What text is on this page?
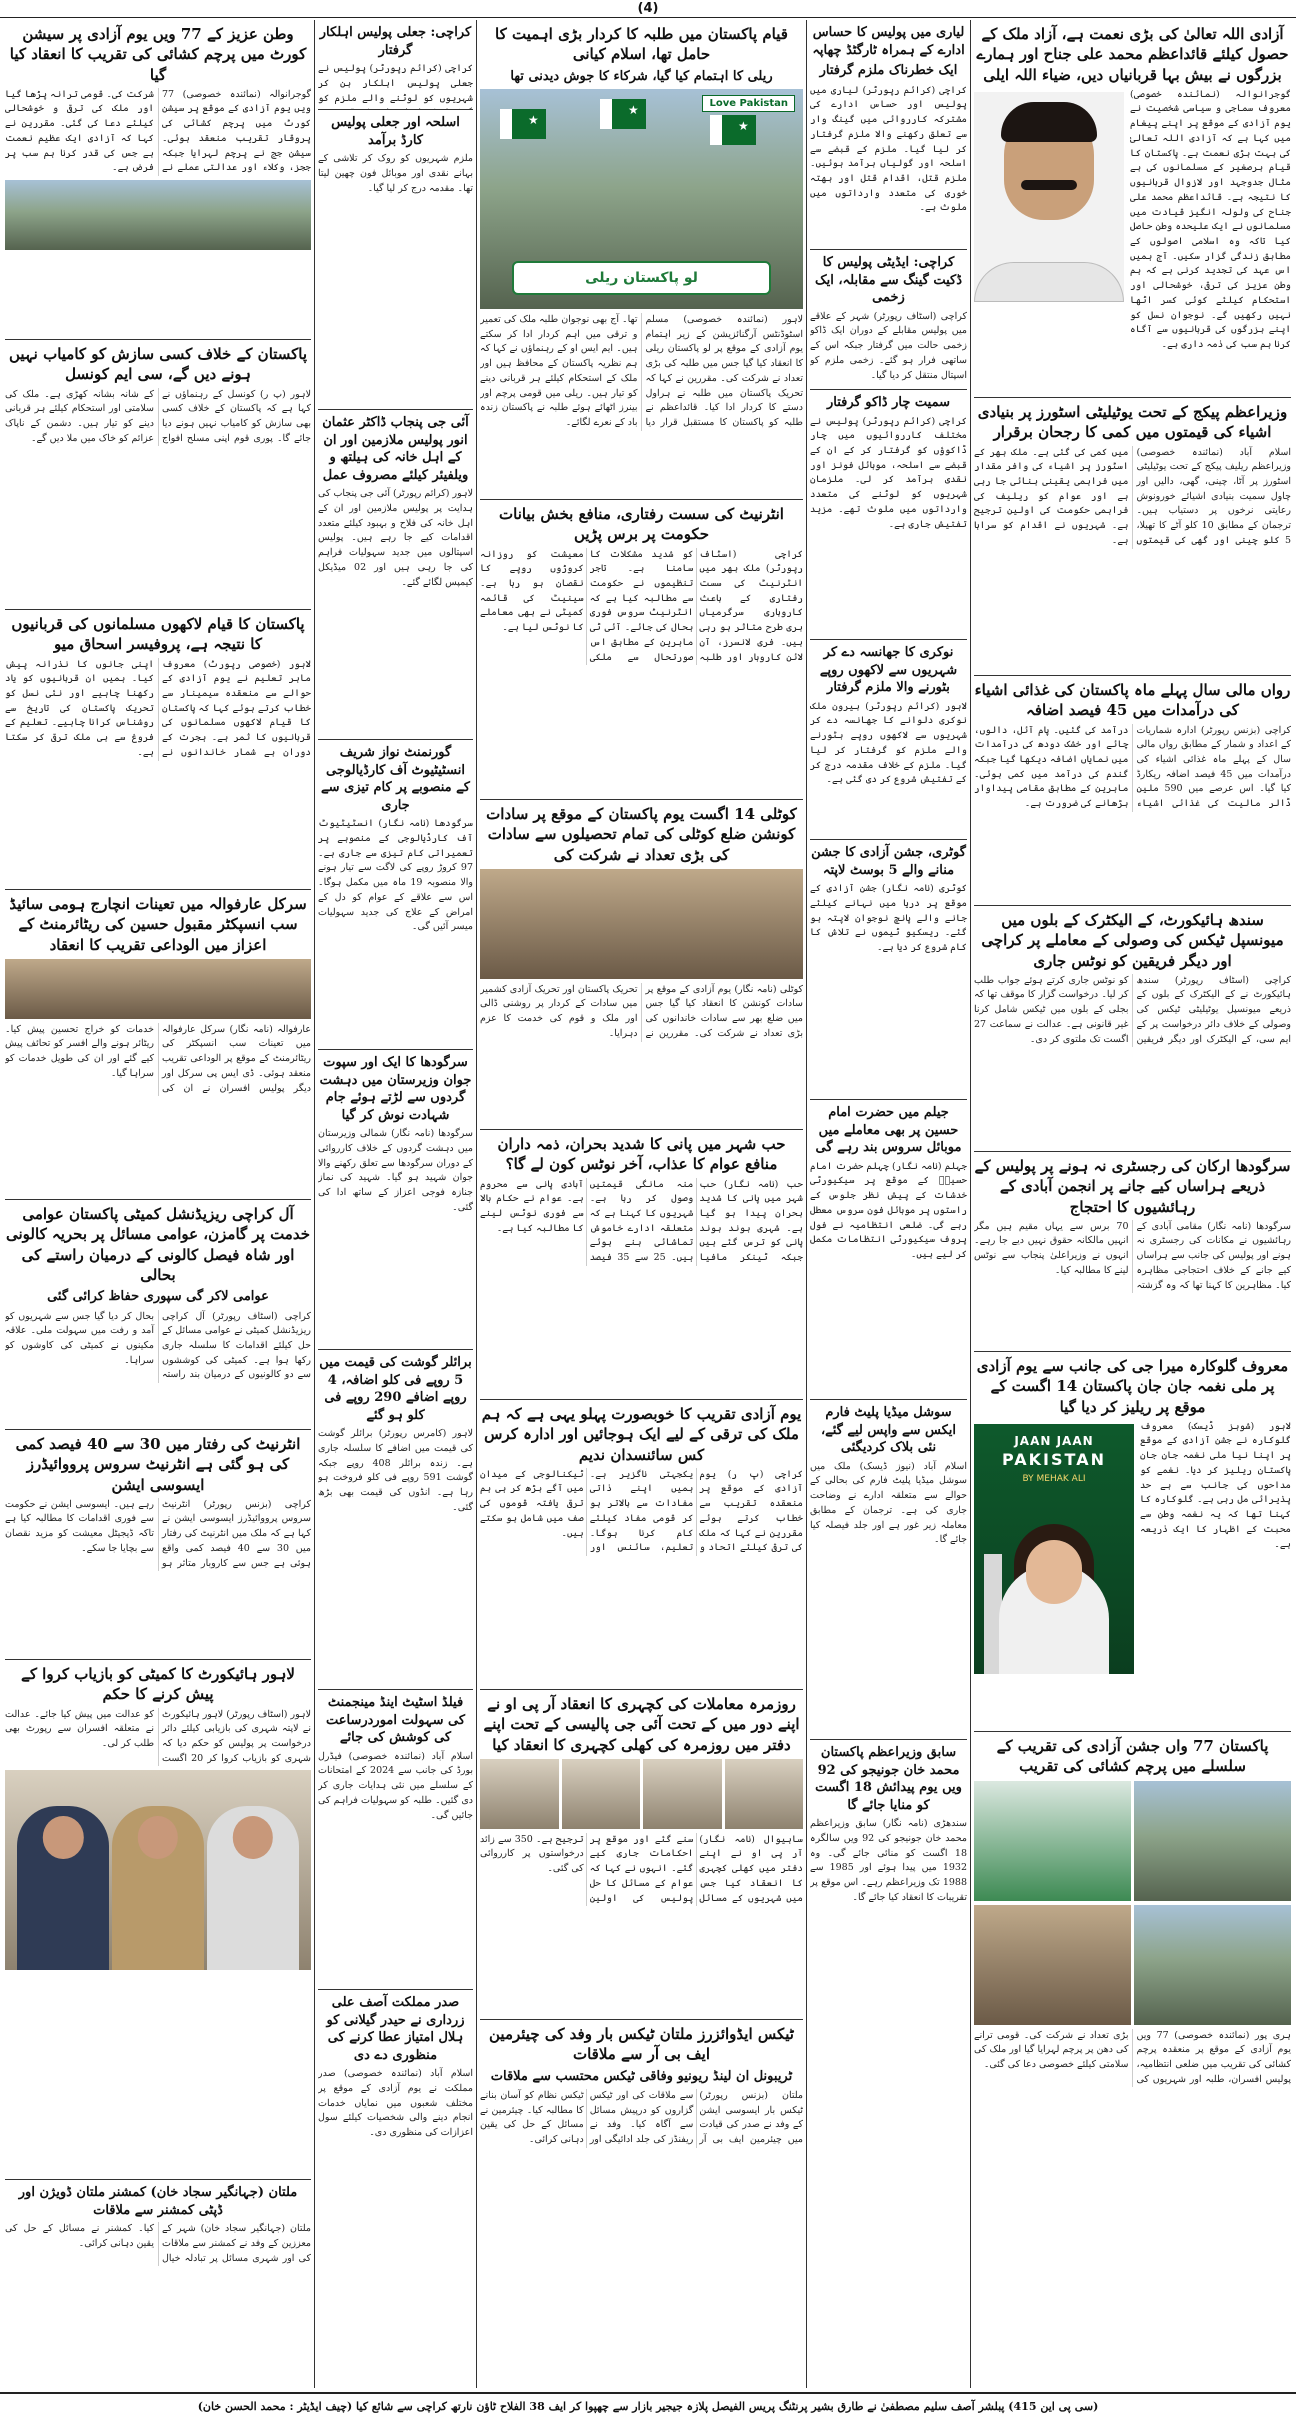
(4)
آزادی اللہ تعالیٰ کی بڑی نعمت ہے، آزاد ملک کے حصول کیلئے قائداعظم محمد علی جناح اور ہمارے بزرگوں نے بیش بہا قربانیاں دیں، ضیاء اللہ ایلی
گوجرانوالہ (نمائندہ خصوصی) معروف سماجی و سیاسی شخصیت نے یوم آزادی کے موقع پر اپنے پیغام میں کہا ہے کہ آزادی اللہ تعالیٰ کی بہت بڑی نعمت ہے۔ پاکستان کا قیام برصغیر کے مسلمانوں کی بے مثال جدوجہد اور لازوال قربانیوں کا نتیجہ ہے۔ قائداعظم محمد علی جناح کی ولولہ انگیز قیادت میں مسلمانوں نے ایک علیحدہ وطن حاصل کیا تاکہ وہ اسلامی اصولوں کے مطابق زندگی گزار سکیں۔ آج ہمیں اس عہد کی تجدید کرنی ہے کہ ہم وطن عزیز کی ترقی، خوشحالی اور استحکام کیلئے کوئی کسر اٹھا نہیں رکھیں گے۔ نوجوان نسل کو اپنے بزرگوں کی قربانیوں سے آگاہ کرنا ہم سب کی ذمہ داری ہے۔
وزیراعظم پیکج کے تحت یوٹیلیٹی اسٹورز پر بنیادی اشیاء کی قیمتوں میں کمی کا رجحان برقرار
اسلام آباد (نمائندہ خصوصی) وزیراعظم ریلیف پیکج کے تحت یوٹیلیٹی اسٹورز پر آٹا، چینی، گھی، دالیں اور چاول سمیت بنیادی اشیائے خورونوش رعایتی نرخوں پر دستیاب ہیں۔ ترجمان کے مطابق 10 کلو آٹے کا تھیلا، 5 کلو چینی اور گھی کی قیمتوں میں کمی کی گئی ہے۔ ملک بھر کے اسٹورز پر اشیاء کی وافر مقدار میں فراہمی یقینی بنائی جا رہی ہے اور عوام کو ریلیف کی فراہمی حکومت کی اولین ترجیح ہے۔ شہریوں نے اقدام کو سراہا ہے۔
رواں مالی سال پہلے ماہ پاکستان کی غذائی اشیاء کی درآمدات میں 45 فیصد اضافہ
کراچی (بزنس رپورٹر) ادارہ شماریات کے اعداد و شمار کے مطابق رواں مالی سال کے پہلے ماہ غذائی اشیاء کی درآمدات میں 45 فیصد اضافہ ریکارڈ کیا گیا۔ اس عرصے میں 590 ملین ڈالر مالیت کی غذائی اشیاء درآمد کی گئیں۔ پام آئل، دالوں، چائے اور خشک دودھ کی درآمدات میں نمایاں اضافہ دیکھا گیا جبکہ گندم کی درآمد میں کمی ہوئی۔ ماہرین کے مطابق مقامی پیداوار بڑھانے کی ضرورت ہے۔
سندھ ہائیکورٹ، کے الیکٹرک کے بلوں میں میونسپل ٹیکس کی وصولی کے معاملے پر کراچی اور دیگر فریقین کو نوٹس جاری
کراچی (اسٹاف رپورٹر) سندھ ہائیکورٹ نے کے الیکٹرک کے بلوں کے ذریعے میونسپل یوٹیلیٹی ٹیکس کی وصولی کے خلاف دائر درخواست پر کے ایم سی، کے الیکٹرک اور دیگر فریقین کو نوٹس جاری کرتے ہوئے جواب طلب کر لیا۔ درخواست گزار کا موقف تھا کہ بجلی کے بلوں میں ٹیکس شامل کرنا غیر قانونی ہے۔ عدالت نے سماعت 27 اگست تک ملتوی کر دی۔
سرگودھا ارکان کی رجسٹری نہ ہونے پر پولیس کے ذریعے ہراساں کیے جانے پر انجمن آبادی کے رہائشیوں کا احتجاج
سرگودھا (نامہ نگار) مقامی آبادی کے رہائشیوں نے مکانات کی رجسٹری نہ ہونے اور پولیس کی جانب سے ہراساں کیے جانے کے خلاف احتجاجی مظاہرہ کیا۔ مظاہرین کا کہنا تھا کہ وہ گزشتہ 70 برس سے یہاں مقیم ہیں مگر انہیں مالکانہ حقوق نہیں دیے جا رہے۔ انہوں نے وزیراعلیٰ پنجاب سے نوٹس لینے کا مطالبہ کیا۔
معروف گلوکارہ میرا جی کی جانب سے یوم آزادی پر ملی نغمہ جان جان پاکستان 14 اگست کے موقع پر ریلیز کر دیا گیا
لاہور (شوبز ڈیسک) معروف گلوکارہ نے جشن آزادی کے موقع پر اپنا نیا ملی نغمہ جان جان پاکستان ریلیز کر دیا۔ نغمے کو مداحوں کی جانب سے بے حد پذیرائی مل رہی ہے۔ گلوکارہ کا کہنا تھا کہ یہ نغمہ وطن سے محبت کے اظہار کا ایک ذریعہ ہے۔
JAAN JAAN
PAKISTAN
BY MEHAK ALI
پاکستان 77 واں جشن آزادی کی تقریب کے سلسلے میں پرچم کشائی کی تقریب
ہری پور (نمائندہ خصوصی) 77 ویں یوم آزادی کے موقع پر منعقدہ پرچم کشائی کی تقریب میں ضلعی انتظامیہ، پولیس افسران، طلبہ اور شہریوں کی بڑی تعداد نے شرکت کی۔ قومی ترانے کی دھن پر پرچم لہرایا گیا اور ملک کی سلامتی کیلئے خصوصی دعا کی گئی۔
لیاری میں پولیس کا حساس ادارے کے ہمراہ ٹارگٹڈ چھاپہ
ایک خطرناک ملزم گرفتار
کراچی (کرائم رپورٹر) لیاری میں پولیس اور حساس ادارے کی مشترکہ کارروائی میں گینگ وار سے تعلق رکھنے والا ملزم گرفتار کر لیا گیا۔ ملزم کے قبضے سے اسلحہ اور گولیاں برآمد ہوئیں۔ ملزم قتل، اقدام قتل اور بھتہ خوری کی متعدد وارداتوں میں ملوث ہے۔
کراچی: ایڈیٹی پولیس کا ڈکیت گینگ سے مقابلہ، ایک زخمی
کراچی (اسٹاف رپورٹر) شہر کے علاقے میں پولیس مقابلے کے دوران ایک ڈاکو زخمی حالت میں گرفتار جبکہ اس کے ساتھی فرار ہو گئے۔ زخمی ملزم کو اسپتال منتقل کر دیا گیا۔
سمیت چار ڈاکو گرفتار
کراچی (کرائم رپورٹر) پولیس نے مختلف کارروائیوں میں چار ڈاکوؤں کو گرفتار کر کے ان کے قبضے سے اسلحہ، موبائل فونز اور نقدی برآمد کر لی۔ ملزمان شہریوں کو لوٹنے کی متعدد وارداتوں میں ملوث تھے۔ مزید تفتیش جاری ہے۔
نوکری کا جھانسہ دے کر شہریوں سے لاکھوں روپے بٹورنے والا ملزم گرفتار
لاہور (کرائم رپورٹر) بیرون ملک نوکری دلوانے کا جھانسہ دے کر شہریوں سے لاکھوں روپے بٹورنے والے ملزم کو گرفتار کر لیا گیا۔ ملزم کے خلاف مقدمہ درج کر کے تفتیش شروع کر دی گئی ہے۔
گوٹری، جشن آزادی کا جشن منانے والے 5 بوسٹ لاپتہ
کوٹری (نامہ نگار) جشن آزادی کے موقع پر دریا میں نہانے کیلئے جانے والے پانچ نوجوان لاپتہ ہو گئے۔ ریسکیو ٹیموں نے تلاش کا کام شروع کر دیا ہے۔
جیلم میں حضرت امام حسین پر بھی معاملے میں موبائل سروس بند رہے گی
جہلم (نامہ نگار) چہلم حضرت امام حسینؓ کے موقع پر سیکیورٹی خدشات کے پیش نظر جلوس کے راستوں پر موبائل فون سروس معطل رہے گی۔ ضلعی انتظامیہ نے فول پروف سیکیورٹی انتظامات مکمل کر لیے ہیں۔
سوشل میڈیا پلیٹ فارم ایکس سے واپس لیے گئے، نئی بلاک کردیگئی
اسلام آباد (نیوز ڈیسک) ملک میں سوشل میڈیا پلیٹ فارم کی بحالی کے حوالے سے متعلقہ ادارے نے وضاحت جاری کی ہے۔ ترجمان کے مطابق معاملہ زیر غور ہے اور جلد فیصلہ کیا جائے گا۔
سابق وزیراعظم پاکستان محمد خان جونیجو کی 92 ویں یوم پیدائش 18 اگست کو منایا جائے گا
سندھڑی (نامہ نگار) سابق وزیراعظم محمد خان جونیجو کی 92 ویں سالگرہ 18 اگست کو منائی جائے گی۔ وہ 1932 میں پیدا ہوئے اور 1985 سے 1988 تک وزیراعظم رہے۔ اس موقع پر تقریبات کا انعقاد کیا جائے گا۔
قیام پاکستان میں طلبہ کا کردار بڑی اہمیت کا حامل تھا، اسلام کیانی
ریلی کا اہتمام کیا گیا، شرکاء کا جوش دیدنی تھا
★
★
★
Love Pakistan
لو پاکستان ریلی
لاہور (نمائندہ خصوصی) مسلم اسٹوڈنٹس آرگنائزیشن کے زیر اہتمام یوم آزادی کے موقع پر لو پاکستان ریلی کا انعقاد کیا گیا جس میں طلبہ کی بڑی تعداد نے شرکت کی۔ مقررین نے کہا کہ تحریک پاکستان میں طلبہ نے ہراول دستے کا کردار ادا کیا۔ قائداعظم نے طلبہ کو پاکستان کا مستقبل قرار دیا تھا۔ آج بھی نوجوان طلبہ ملک کی تعمیر و ترقی میں اہم کردار ادا کر سکتے ہیں۔ ایم ایس او کے رہنماؤں نے کہا کہ ہم نظریہ پاکستان کے محافظ ہیں اور ملک کے استحکام کیلئے ہر قربانی دینے کو تیار ہیں۔ ریلی میں قومی پرچم اور بینرز اٹھائے ہوئے طلبہ نے پاکستان زندہ باد کے نعرے لگائے۔
انٹرنیٹ کی سست رفتاری، منافع بخش بیانات حکومت پر برس پڑیں
کراچی (اسٹاف رپورٹر) ملک بھر میں انٹرنیٹ کی سست رفتاری کے باعث کاروباری سرگرمیاں بری طرح متاثر ہو رہی ہیں۔ فری لانسرز، آن لائن کاروبار اور طلبہ کو شدید مشکلات کا سامنا ہے۔ تاجر تنظیموں نے حکومت سے مطالبہ کیا ہے کہ انٹرنیٹ سروس فوری بحال کی جائے۔ آئی ٹی ماہرین کے مطابق اس صورتحال سے ملکی معیشت کو روزانہ کروڑوں روپے کا نقصان ہو رہا ہے۔ سینیٹ کی قائمہ کمیٹی نے بھی معاملے کا نوٹس لیا ہے۔
کوٹلی 14 اگست یوم پاکستان کے موقع پر سادات کونشن ضلع کوٹلی کی تمام تحصیلوں سے سادات کی بڑی تعداد نے شرکت کی
کوٹلی (نامہ نگار) یوم آزادی کے موقع پر سادات کونشن کا انعقاد کیا گیا جس میں ضلع بھر سے سادات خاندانوں کی بڑی تعداد نے شرکت کی۔ مقررین نے تحریک پاکستان اور تحریک آزادی کشمیر میں سادات کے کردار پر روشنی ڈالی اور ملک و قوم کی خدمت کا عزم دہرایا۔
حب شہر میں پانی کا شدید بحران، ذمہ داران منافع عوام کا عذاب، آخر نوٹس کون لے گا؟
حب (نامہ نگار) حب شہر میں پانی کا شدید بحران پیدا ہو گیا ہے۔ شہری بوند بوند پانی کو ترس گئے ہیں جبکہ ٹینکر مافیا منہ مانگی قیمتیں وصول کر رہا ہے۔ شہریوں کا کہنا ہے کہ متعلقہ ادارے خاموش تماشائی بنے ہوئے ہیں۔ 25 سے 35 فیصد آبادی پانی سے محروم ہے۔ عوام نے حکام بالا سے فوری نوٹس لینے کا مطالبہ کیا ہے۔
یوم آزادی تقریب کا خوبصورت پہلو یہی ہے کہ ہم ملک کی ترقی کے لیے ایک ہوجائیں اور ادارہ کرس کس سائنسدان ندیم
کراچی (پ ر) یوم آزادی کے موقع پر منعقدہ تقریب سے خطاب کرتے ہوئے مقررین نے کہا کہ ملک کی ترقی کیلئے اتحاد و یکجہتی ناگزیر ہے۔ ہمیں اپنے ذاتی مفادات سے بالاتر ہو کر قومی مفاد کیلئے کام کرنا ہوگا۔ تعلیم، سائنس اور ٹیکنالوجی کے میدان میں آگے بڑھ کر ہی ہم ترقی یافتہ قوموں کی صف میں شامل ہو سکتے ہیں۔
روزمرہ معاملات کی کچہری کا انعقاد آر پی او نے اپنے دور میں کے تحت آئی جی پالیسی کے تحت اپنے دفتر میں روزمرہ کی کھلی کچہری کا انعقاد کیا
ساہیوال (نامہ نگار) آر پی او نے اپنے دفتر میں کھلی کچہری کا انعقاد کیا جس میں شہریوں کے مسائل سنے گئے اور موقع پر احکامات جاری کیے گئے۔ انہوں نے کہا کہ عوام کے مسائل کا حل پولیس کی اولین ترجیح ہے۔ 350 سے زائد درخواستوں پر کارروائی کی گئی۔
ٹیکس ایڈوائزرز ملتان ٹیکس بار وفد کی چیئرمین ایف بی آر سے ملاقات
ٹریبونل ان لینڈ ریونیو وفاقی ٹیکس محتسب سے ملاقات
ملتان (بزنس رپورٹر) ٹیکس بار ایسوسی ایشن کے وفد نے صدر کی قیادت میں چیئرمین ایف بی آر سے ملاقات کی اور ٹیکس گزاروں کو درپیش مسائل سے آگاہ کیا۔ وفد نے ریفنڈز کی جلد ادائیگی اور ٹیکس نظام کو آسان بنانے کا مطالبہ کیا۔ چیئرمین نے مسائل کے حل کی یقین دہانی کرائی۔
کراچی: جعلی پولیس اہلکار گرفتار
کراچی (کرائم رپورٹر) پولیس نے جعلی پولیس اہلکار بن کر شہریوں کو لوٹنے والے ملزم کو
اسلحہ اور جعلی پولیس کارڈ برآمد
ملزم شہریوں کو روک کر تلاشی کے بہانے نقدی اور موبائل فون چھین لیتا تھا۔ مقدمہ درج کر لیا گیا۔
آئی جی پنجاب ڈاکٹر عثمان انور پولیس ملازمین اور ان کے اہل خانہ کی ہیلتھ و ویلفیئر کیلئے مصروف عمل
لاہور (کرائم رپورٹر) آئی جی پنجاب کی ہدایت پر پولیس ملازمین اور ان کے اہل خانہ کی فلاح و بہبود کیلئے متعدد اقدامات کیے جا رہے ہیں۔ پولیس اسپتالوں میں جدید سہولیات فراہم کی جا رہی ہیں اور 02 میڈیکل کیمپس لگائے گئے۔
گورنمنٹ نواز شریف انسٹیٹیوٹ آف کارڈیالوجی کے منصوبے پر کام تیزی سے جاری
سرگودھا (نامہ نگار) انسٹیٹیوٹ آف کارڈیالوجی کے منصوبے پر تعمیراتی کام تیزی سے جاری ہے۔ 97 کروڑ روپے کی لاگت سے تیار ہونے والا منصوبہ 19 ماہ میں مکمل ہوگا۔ اس سے علاقے کے عوام کو دل کے امراض کے علاج کی جدید سہولیات میسر آئیں گی۔
سرگودھا کا ایک اور سپوت جوان وزیرستان میں دہشت گردوں سے لڑتے ہوئے جام شہادت نوش کر گیا
سرگودھا (نامہ نگار) شمالی وزیرستان میں دہشت گردوں کے خلاف کارروائی کے دوران سرگودھا سے تعلق رکھنے والا جوان شہید ہو گیا۔ شہید کی نماز جنازہ فوجی اعزاز کے ساتھ ادا کی گئی۔
برائلر گوشت کی قیمت میں 5 روپے فی کلو اضافہ، 4 روپے اضافے 290 روپے فی کلو ہو گئے
لاہور (کامرس رپورٹر) برائلر گوشت کی قیمت میں اضافے کا سلسلہ جاری ہے۔ زندہ برائلر 408 روپے جبکہ گوشت 591 روپے فی کلو فروخت ہو رہا ہے۔ انڈوں کی قیمت بھی بڑھ گئی۔
فیلڈ اسٹیٹ اینڈ مینجمنٹ کی سہولت اموردرساعت کی کوشش کی جائے
اسلام آباد (نمائندہ خصوصی) فیڈرل بورڈ کی جانب سے 2024 کے امتحانات کے سلسلے میں نئی ہدایات جاری کر دی گئیں۔ طلبہ کو سہولیات فراہم کی جائیں گی۔
صدر مملکت آصف علی زرداری نے حیدر گیلانی کو ہلال امتیاز عطا کرنے کی منظوری دے دی
اسلام آباد (نمائندہ خصوصی) صدر مملکت نے یوم آزادی کے موقع پر مختلف شعبوں میں نمایاں خدمات انجام دینے والی شخصیات کیلئے سول اعزازات کی منظوری دی۔
وطن عزیز کے 77 ویں یوم آزادی پر سیشن کورٹ میں پرچم کشائی کی تقریب کا انعقاد کیا گیا
گوجرانوالہ (نمائندہ خصوصی) 77 ویں یوم آزادی کے موقع پر سیشن کورٹ میں پرچم کشائی کی پروقار تقریب منعقد ہوئی۔ سیشن جج نے پرچم لہرایا جبکہ ججز، وکلاء اور عدالتی عملے نے شرکت کی۔ قومی ترانہ پڑھا گیا اور ملک کی ترقی و خوشحالی کیلئے دعا کی گئی۔ مقررین نے کہا کہ آزادی ایک عظیم نعمت ہے جس کی قدر کرنا ہم سب پر فرض ہے۔
پاکستان کے خلاف کسی سازش کو کامیاب نہیں ہونے دیں گے، سی ایم کونسل
لاہور (پ ر) کونسل کے رہنماؤں نے کہا ہے کہ پاکستان کے خلاف کسی بھی سازش کو کامیاب نہیں ہونے دیا جائے گا۔ پوری قوم اپنی مسلح افواج کے شانہ بشانہ کھڑی ہے۔ ملک کی سلامتی اور استحکام کیلئے ہر قربانی دینے کو تیار ہیں۔ دشمن کے ناپاک عزائم کو خاک میں ملا دیں گے۔
پاکستان کا قیام لاکھوں مسلمانوں کی قربانیوں کا نتیجہ ہے، پروفیسر اسحاق میو
لاہور (خصوصی رپورٹ) معروف ماہر تعلیم نے یوم آزادی کے حوالے سے منعقدہ سیمینار سے خطاب کرتے ہوئے کہا کہ پاکستان کا قیام لاکھوں مسلمانوں کی قربانیوں کا ثمر ہے۔ ہجرت کے دوران بے شمار خاندانوں نے اپنی جانوں کا نذرانہ پیش کیا۔ ہمیں ان قربانیوں کو یاد رکھنا چاہیے اور نئی نسل کو تحریک پاکستان کی تاریخ سے روشناس کرانا چاہیے۔ تعلیم کے فروغ سے ہی ملک ترقی کر سکتا ہے۔
سرکل عارفوالہ میں تعینات انچارج ہومی سائیڈ سب انسپکٹر مقبول حسین کی ریٹائرمنٹ کے اعزاز میں الوداعی تقریب کا انعقاد
عارفوالہ (نامہ نگار) سرکل عارفوالہ میں تعینات سب انسپکٹر کی ریٹائرمنٹ کے موقع پر الوداعی تقریب منعقد ہوئی۔ ڈی ایس پی سرکل اور دیگر پولیس افسران نے ان کی خدمات کو خراج تحسین پیش کیا۔ ریٹائر ہونے والے افسر کو تحائف پیش کیے گئے اور ان کی طویل خدمات کو سراہا گیا۔
آل کراچی ریزیڈنشل کمیٹی پاکستان عوامی خدمت پر گامزن، عوامی مسائل پر بحریہ کالونی اور شاہ فیصل کالونی کے درمیان راستے کی بحالی
عوامی لاکر گی سپوری حفاظ کرائی گئی
کراچی (اسٹاف رپورٹر) آل کراچی ریزیڈنشل کمیٹی نے عوامی مسائل کے حل کیلئے اقدامات کا سلسلہ جاری رکھا ہوا ہے۔ کمیٹی کی کوششوں سے دو کالونیوں کے درمیان بند راستہ بحال کر دیا گیا جس سے شہریوں کو آمد و رفت میں سہولت ملی۔ علاقہ مکینوں نے کمیٹی کی کاوشوں کو سراہا۔
انٹرنیٹ کی رفتار میں 30 سے 40 فیصد کمی کی ہو گئی ہے انٹرنیٹ سروس پرووائیڈرز ایسوسی ایشن
کراچی (بزنس رپورٹر) انٹرنیٹ سروس پرووائیڈرز ایسوسی ایشن نے کہا ہے کہ ملک میں انٹرنیٹ کی رفتار میں 30 سے 40 فیصد کمی واقع ہوئی ہے جس سے کاروبار متاثر ہو رہے ہیں۔ ایسوسی ایشن نے حکومت سے فوری اقدامات کا مطالبہ کیا ہے تاکہ ڈیجیٹل معیشت کو مزید نقصان سے بچایا جا سکے۔
لاہور ہائیکورٹ کا کمیٹی کو بازیاب کروا کے پیش کرنے کا حکم
لاہور (اسٹاف رپورٹر) لاہور ہائیکورٹ نے لاپتہ شہری کی بازیابی کیلئے دائر درخواست پر پولیس کو حکم دیا کہ شہری کو بازیاب کروا کر 20 اگست کو عدالت میں پیش کیا جائے۔ عدالت نے متعلقہ افسران سے رپورٹ بھی طلب کر لی۔
ملتان (جہانگیر سجاد خان) کمشنر ملتان ڈویژن اور ڈپٹی کمشنر سے ملاقات
ملتان (جہانگیر سجاد خان) شہر کے معززین کے وفد نے کمشنر سے ملاقات کی اور شہری مسائل پر تبادلہ خیال کیا۔ کمشنر نے مسائل کے حل کی یقین دہانی کرائی۔
(سی پی این 415) پبلشر آصف سلیم مصطفیٰ نے طارق بشیر پرنٹنگ پریس الفیصل پلازہ جیجیر بازار سے چھپوا کر ایف 38 الفلاح ٹاؤن نارتھ کراچی سے شائع کیا (چیف ایڈیٹر : محمد الحسن خان)
